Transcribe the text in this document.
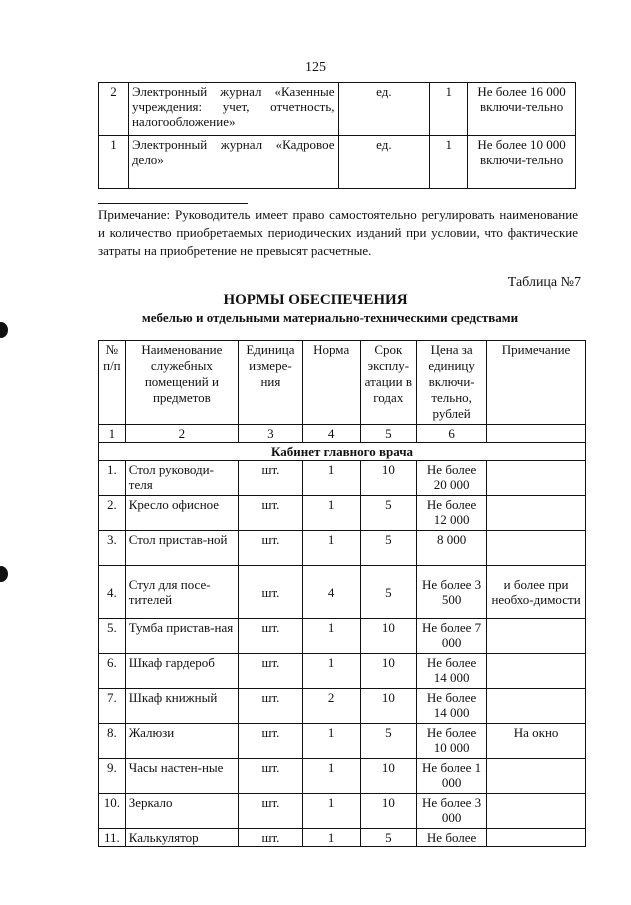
125
2	Электронный журнал «Казенные учреждения: учет, отчетность, налогообложение»	ед.	1	Не более 16 000 включи-тельно
1	Электронный журнал «Кадровое дело»	ед.	1	Не более 10 000 включи-тельно
Примечание: Руководитель имеет право самостоятельно регулировать наименование и количество приобретаемых периодических изданий при условии, что фактические затраты на приобретение не превысят расчетные.
Таблица №7
НОРМЫ ОБЕСПЕЧЕНИЯ
мебелью и отдельными материально-техническими средствами
№ п/п	Наименование служебных помещений и предметов	Единица измере-ния	Норма	Срок эксплу-атации в годах	Цена за единицу включи-тельно, рублей	Примечание
1	2	3	4	5	6	
Кабинет главного врача						
1.	Стол руководи-теля	шт.	1	10	Не более 20 000	
2.	Кресло офисное	шт.	1	5	Не более 12 000	
3.	Стол пристав-ной	шт.	1	5	8 000	
4.	Стул для посе-тителей	шт.	4	5	Не более 3 500	и более при необхо-димости
5.	Тумба пристав-ная	шт.	1	10	Не более 7 000	
6.	Шкаф гардероб	шт.	1	10	Не более 14 000	
7.	Шкаф книжный	шт.	2	10	Не более 14 000	
8.	Жалюзи	шт.	1	5	Не более 10 000	На окно
9.	Часы настен-ные	шт.	1	10	Не более 1 000	
10.	Зеркало	шт.	1	10	Не более 3 000	
11.	Калькулятор	шт.	1	5	Не более	
